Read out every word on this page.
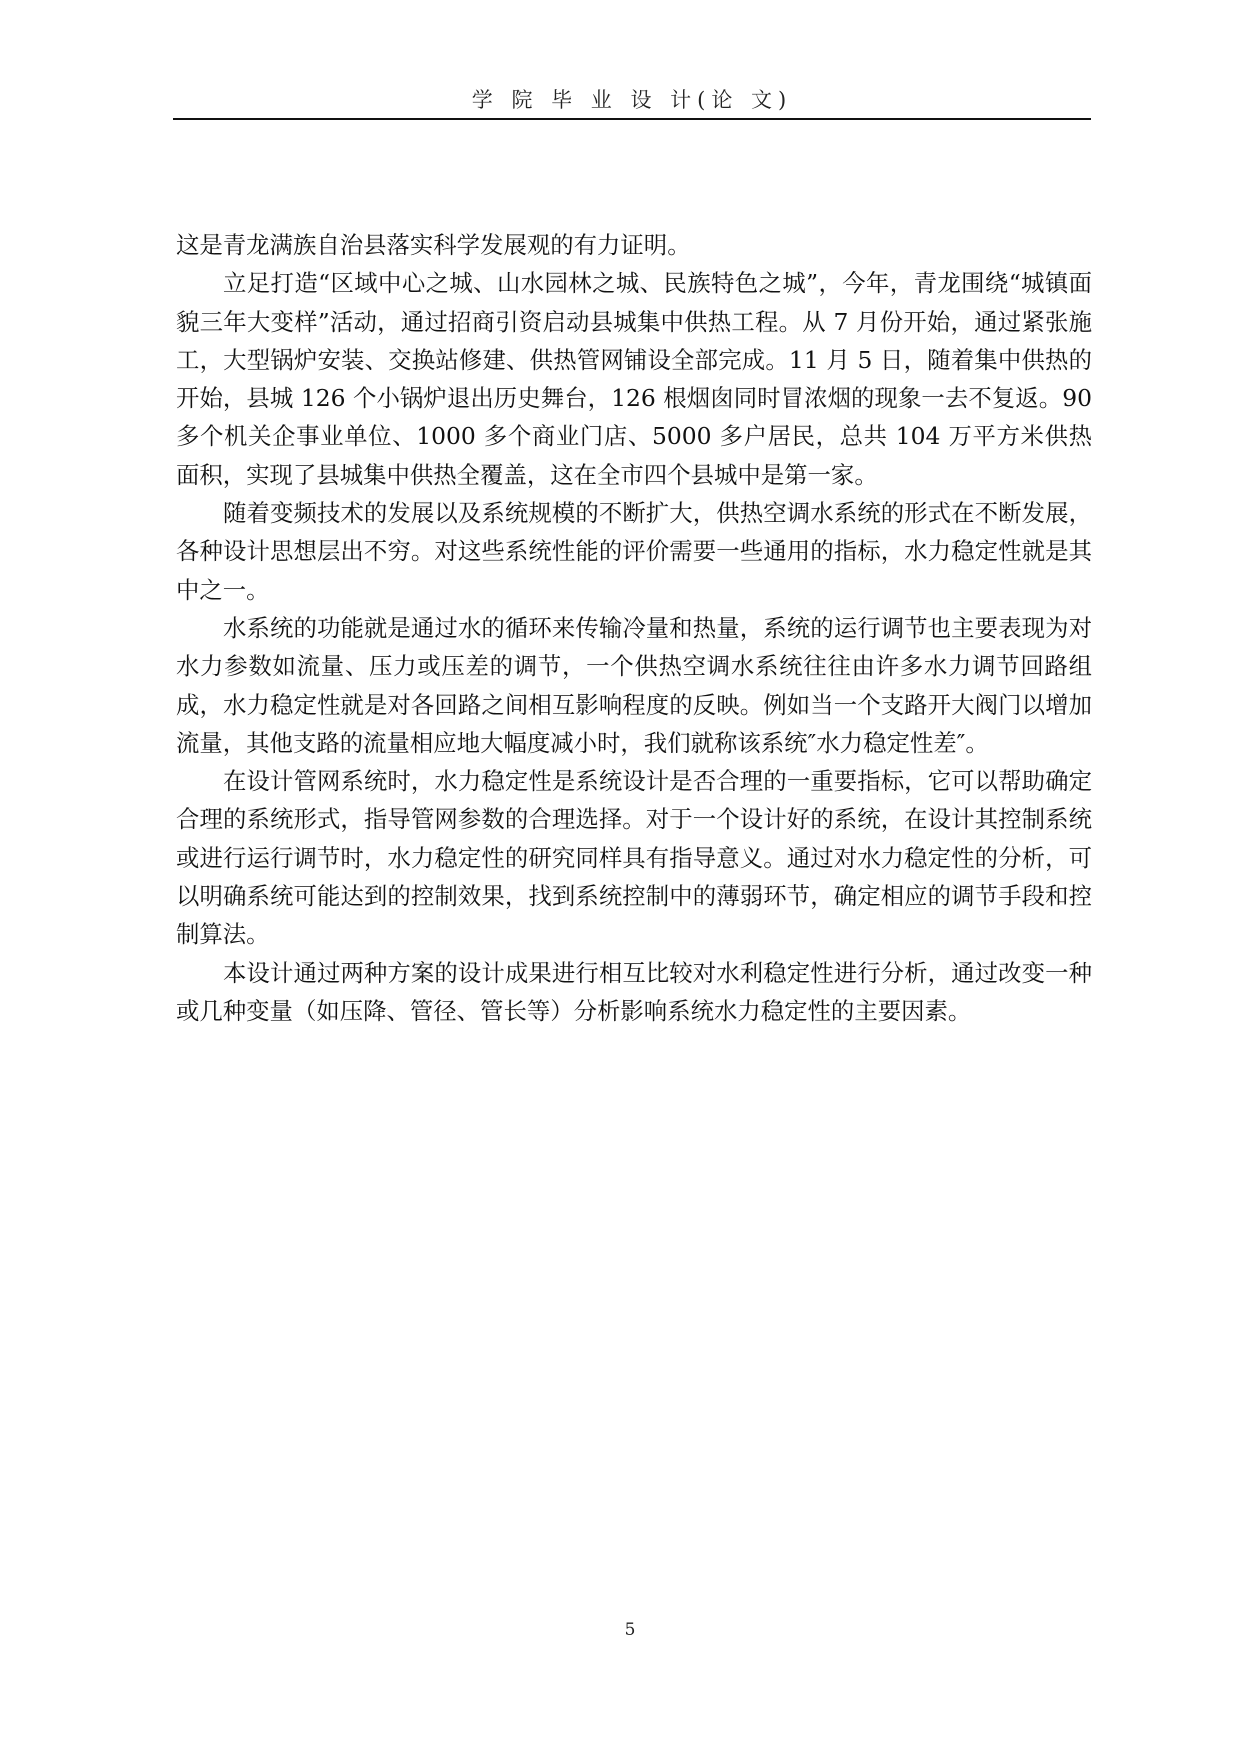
学 院 毕 业 设 计(论 文)

这是青龙满族自治县落实科学发展观的有力证明。

立足打造“区域中心之城、山水园林之城、民族特色之城”，今年，青龙围绕“城镇面貌三年大变样”活动，通过招商引资启动县城集中供热工程。从 7 月份开始，通过紧张施工，大型锅炉安装、交换站修建、供热管网铺设全部完成。11 月 5 日，随着集中供热的开始，县城 126 个小锅炉退出历史舞台，126 根烟囱同时冒浓烟的现象一去不复返。90 多个机关企事业单位、1000 多个商业门店、5000 多户居民，总共 104 万平方米供热面积，实现了县城集中供热全覆盖，这在全市四个县城中是第一家。

随着变频技术的发展以及系统规模的不断扩大，供热空调水系统的形式在不断发展，各种设计思想层出不穷。对这些系统性能的评价需要一些通用的指标，水力稳定性就是其中之一。

水系统的功能就是通过水的循环来传输冷量和热量，系统的运行调节也主要表现为对水力参数如流量、压力或压差的调节，一个供热空调水系统往往由许多水力调节回路组成，水力稳定性就是对各回路之间相互影响程度的反映。例如当一个支路开大阀门以增加流量，其他支路的流量相应地大幅度减小时，我们就称该系统″水力稳定性差″。

在设计管网系统时，水力稳定性是系统设计是否合理的一重要指标，它可以帮助确定合理的系统形式，指导管网参数的合理选择。对于一个设计好的系统，在设计其控制系统或进行运行调节时，水力稳定性的研究同样具有指导意义。通过对水力稳定性的分析，可以明确系统可能达到的控制效果，找到系统控制中的薄弱环节，确定相应的调节手段和控制算法。

本设计通过两种方案的设计成果进行相互比较对水利稳定性进行分析，通过改变一种或几种变量（如压降、管径、管长等）分析影响系统水力稳定性的主要因素。

5
